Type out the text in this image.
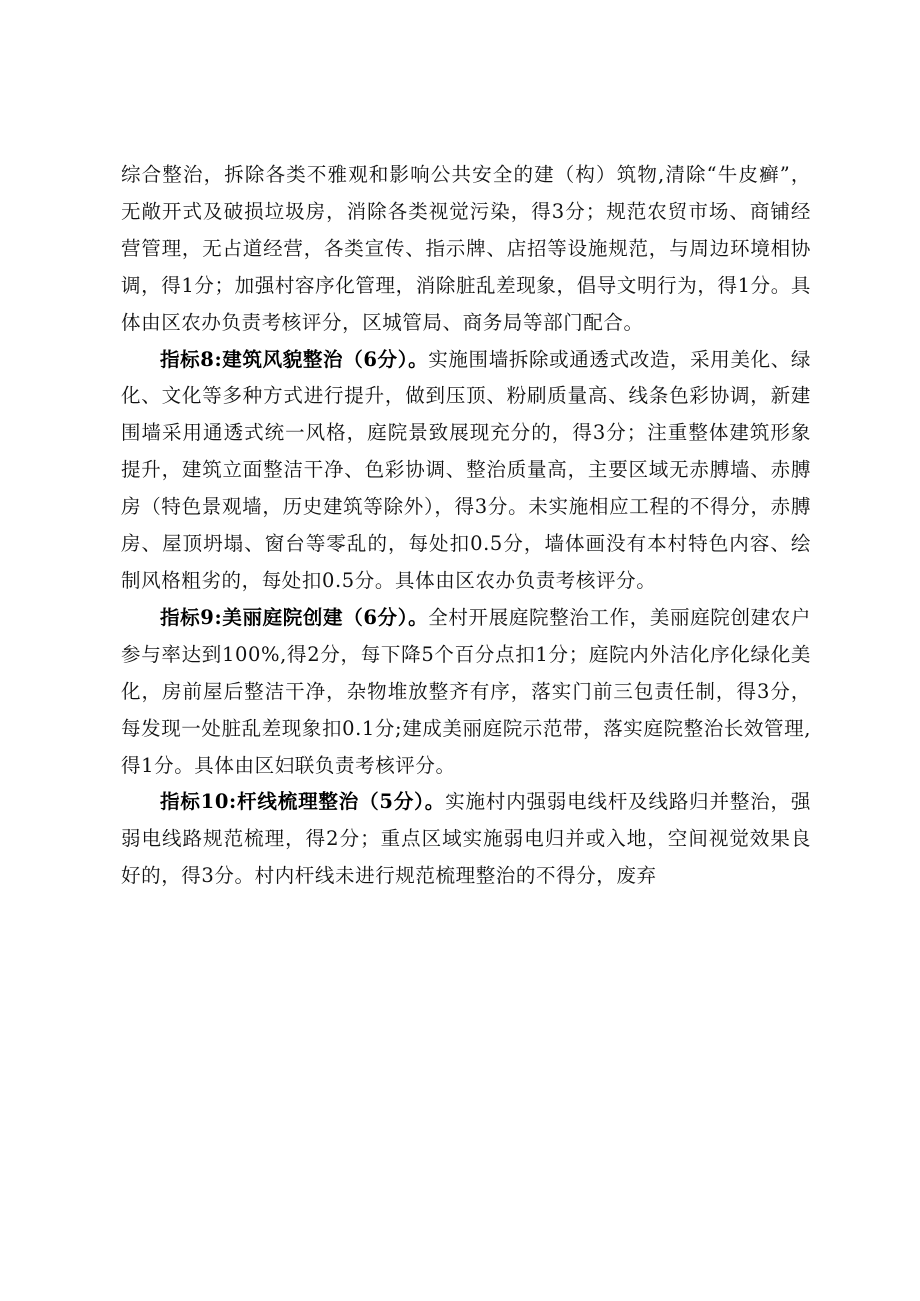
综合整治，拆除各类不雅观和影响公共安全的建（构）筑物,清除“牛皮癣”，无敞开式及破损垃圾房，消除各类视觉污染，得3分；规范农贸市场、商铺经营管理，无占道经营，各类宣传、指示牌、店招等设施规范，与周边环境相协调，得1分；加强村容序化管理，消除脏乱差现象，倡导文明行为，得1分。具体由区农办负责考核评分，区城管局、商务局等部门配合。

指标8:建筑风貌整治（6分）。实施围墙拆除或通透式改造，采用美化、绿化、文化等多种方式进行提升，做到压顶、粉刷质量高、线条色彩协调，新建围墙采用通透式统一风格，庭院景致展现充分的，得3分；注重整体建筑形象提升，建筑立面整洁干净、色彩协调、整治质量高，主要区域无赤膊墙、赤膊房（特色景观墙，历史建筑等除外），得3分。未实施相应工程的不得分，赤膊房、屋顶坍塌、窗台等零乱的，每处扣0.5分，墙体画没有本村特色内容、绘制风格粗劣的，每处扣0.5分。具体由区农办负责考核评分。

指标9:美丽庭院创建（6分）。全村开展庭院整治工作，美丽庭院创建农户参与率达到100%,得2分，每下降5个百分点扣1分；庭院内外洁化序化绿化美化，房前屋后整洁干净，杂物堆放整齐有序，落实门前三包责任制，得3分，每发现一处脏乱差现象扣0.1分;建成美丽庭院示范带，落实庭院整治长效管理,得1分。具体由区妇联负责考核评分。

指标10:杆线梳理整治（5分）。实施村内强弱电线杆及线路归并整治，强弱电线路规范梳理，得2分；重点区域实施弱电归并或入地，空间视觉效果良好的，得3分。村内杆线未进行规范梳理整治的不得分，废弃
